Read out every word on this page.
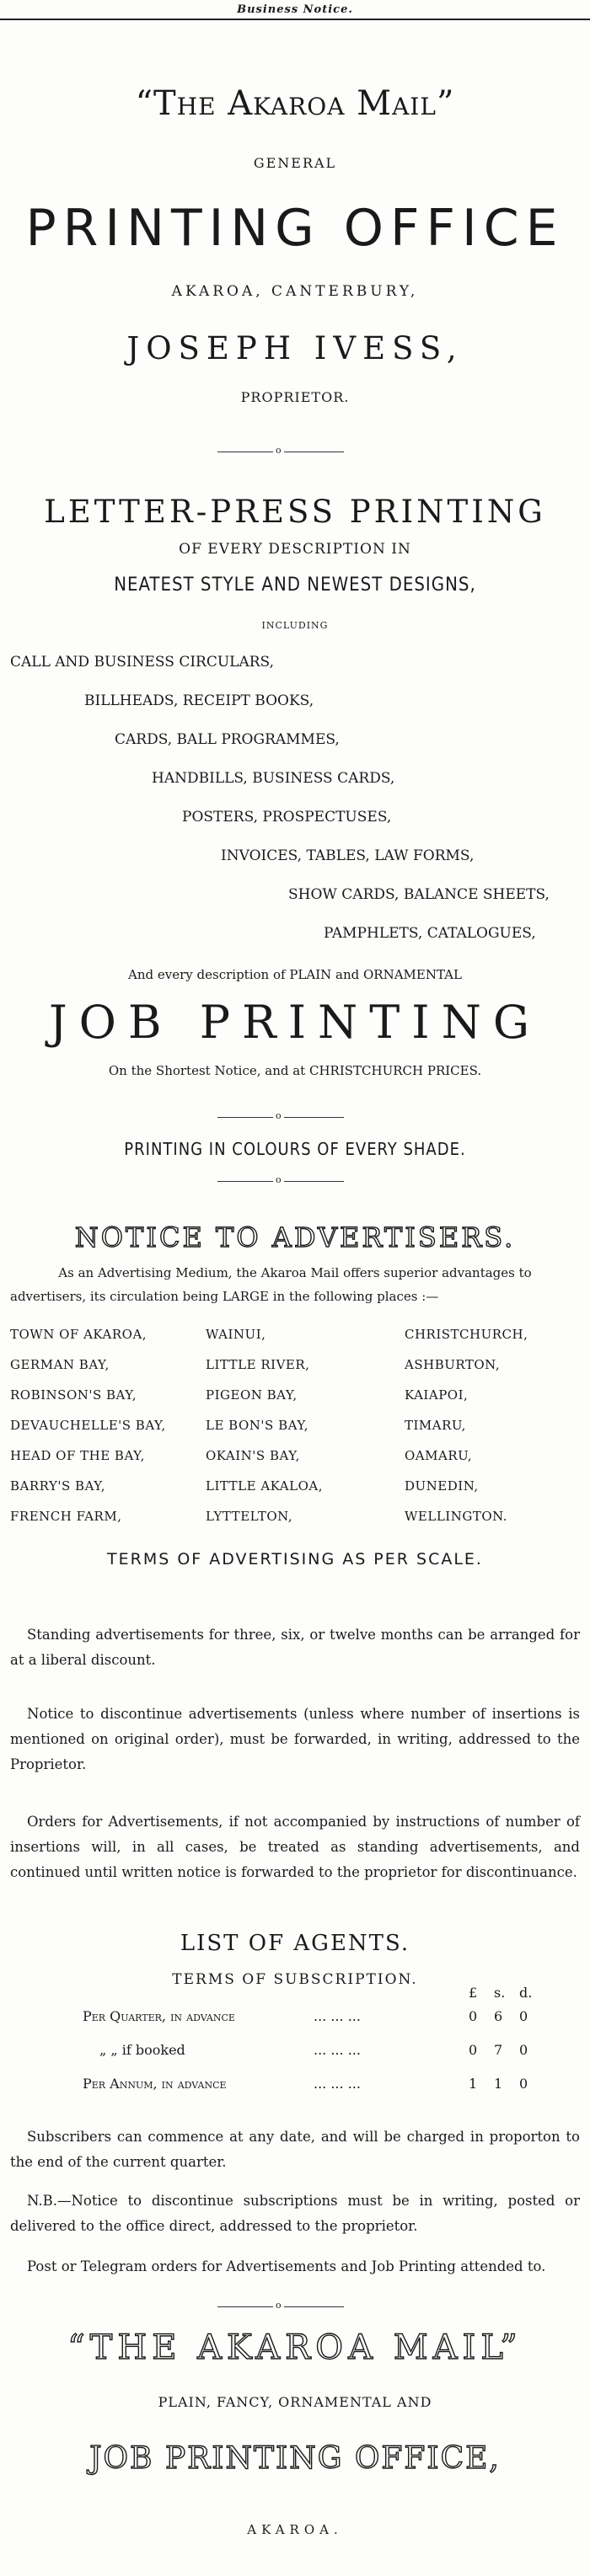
Business Notice.
“The Akaroa Mail”
GENERAL
PRINTING OFFICE
AKAROA, CANTERBURY,
JOSEPH IVESS,
PROPRIETOR.
o
LETTER-PRESS PRINTING
OF EVERY DESCRIPTION IN
NEATEST STYLE AND NEWEST DESIGNS,
INCLUDING
CALL AND BUSINESS CIRCULARS,
BILLHEADS, RECEIPT BOOKS,
CARDS, BALL PROGRAMMES,
HANDBILLS, BUSINESS CARDS,
POSTERS, PROSPECTUSES,
INVOICES, TABLES, LAW FORMS,
SHOW CARDS, BALANCE SHEETS,
PAMPHLETS, CATALOGUES,
And every description of PLAIN and ORNAMENTAL
JOB PRINTING
On the Shortest Notice, and at CHRISTCHURCH PRICES.
o
PRINTING IN COLOURS OF EVERY SHADE.
o
NOTICE TO ADVERTISERS.
As an Advertising Medium, the Akaroa Mail offers superior advantages to
advertisers, its circulation being LARGE in the following places :—
TOWN OF AKAROA,	WAINUI,	CHRISTCHURCH,
GERMAN BAY,	LITTLE RIVER,	ASHBURTON,
ROBINSON'S BAY,	PIGEON BAY,	KAIAPOI,
DEVAUCHELLE'S BAY,	LE BON'S BAY,	TIMARU,
HEAD OF THE BAY,	OKAIN'S BAY,	OAMARU,
BARRY'S BAY,	LITTLE AKALOA,	DUNEDIN,
FRENCH FARM,	LYTTELTON,	WELLINGTON.
TERMS OF ADVERTISING AS PER SCALE.
Standing advertisements for three, six, or twelve months can be arranged for at a liberal discount.
Notice to discontinue advertisements (unless where number of insertions is mentioned on original order), must be forwarded, in writing, addressed to the Proprietor.
Orders for Advertisements, if not accompanied by instructions of number of insertions will, in all cases, be treated as standing advertisements, and continued until written notice is forwarded to the proprietor for discontinuance.
LIST OF AGENTS.
TERMS OF SUBSCRIPTION.
£ s. d.
Per Quarter, in advance	... ... ...	0 6 0
„ „ if booked	... ... ...	0 7 0
Per Annum, in advance	... ... ...	1 1 0
Subscribers can commence at any date, and will be charged in proporton to the end of the current quarter.
N.B.—Notice to discontinue subscriptions must be in writing, posted or delivered to the office direct, addressed to the proprietor.
Post or Telegram orders for Advertisements and Job Printing attended to.
o
“THE AKAROA MAIL”
PLAIN, FANCY, ORNAMENTAL AND
JOB PRINTING OFFICE,
AKAROA.
